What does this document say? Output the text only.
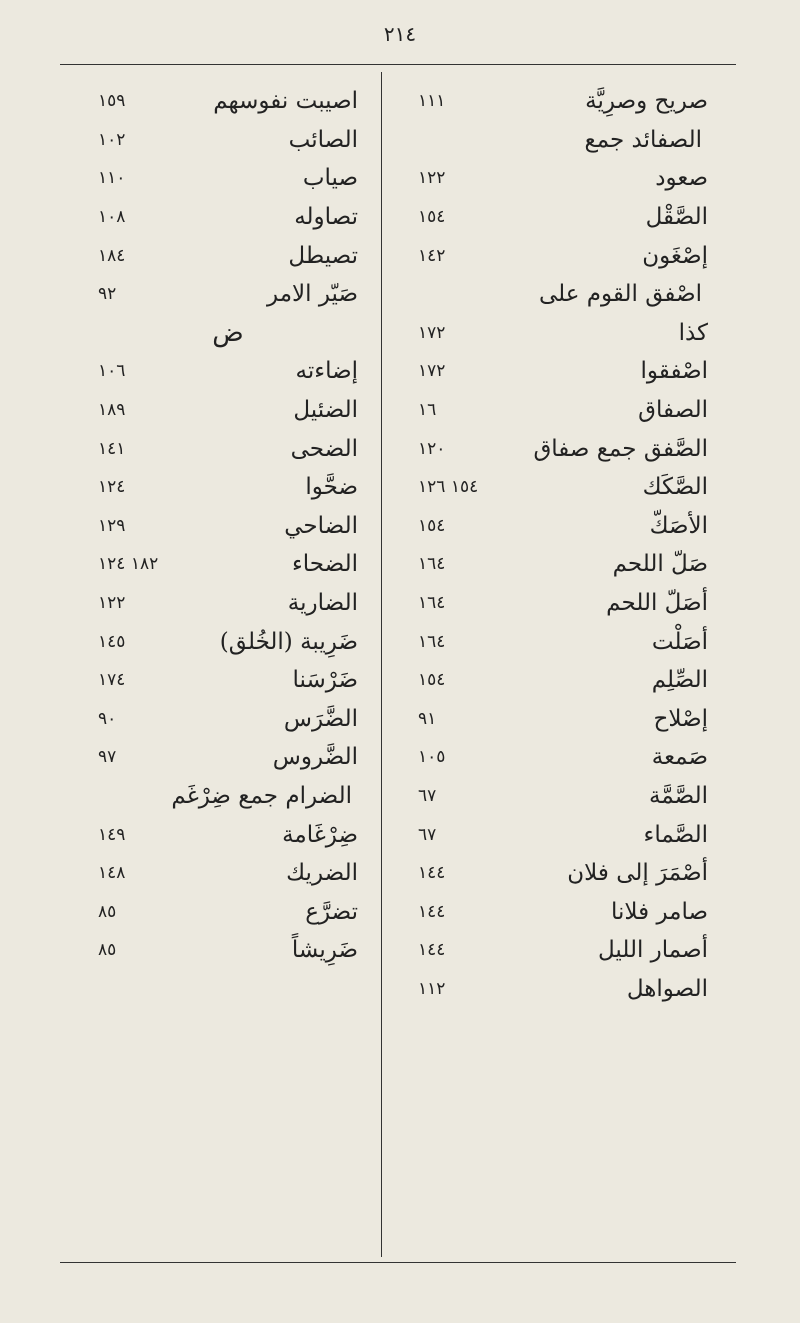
٢١٤
صريح وصرِيَّة
١١١
الصفائد جمع
صعود
١٢٢
الصَّقْل
١٥٤
إصْغَون
١٤٢
اصْفق القوم على
كذا
١٧٢
اصْفقوا
١٧٢
الصفاق
١٦
الصَّفق جمع صفاق
١٢٠
الصَّكَك
١٥٤ ١٢٦
الأصَكّ
١٥٤
صَلّ اللحم
١٦٤
أصَلّ اللحم
١٦٤
أصَلْت
١٦٤
الصِّلِم
١٥٤
إصْلاح
٩١
صَمعة
١٠٥
الصَّمَّة
٦٧
الصَّماء
٦٧
أصْمَرَ إلى فلان
١٤٤
صامر فلانا
١٤٤
أصمار الليل
١٤٤
الصواهل
١١٢
اصيبت نفوسهم
١٥٩
الصائب
١٠٢
صياب
١١٠
تصاوله
١٠٨
تصيطل
١٨٤
صَيّر الامر
٩٢
ض
إضاءته
١٠٦
الضئيل
١٨٩
الضحى
١٤١
ضحَّوا
١٢٤
الضاحي
١٢٩
الضحاء
١٨٢ ١٢٤
الضارية
١٢٢
ضَرِيبة (الخُلق)
١٤٥
ضَرْسَنا
١٧٤
الضَّرَس
٩٠
الضَّروس
٩٧
الضرام جمع ضِرْغَم
ضِرْغَامة
١٤٩
الضريك
١٤٨
تضرَّع
٨٥
ضَرِيشاً
٨٥
